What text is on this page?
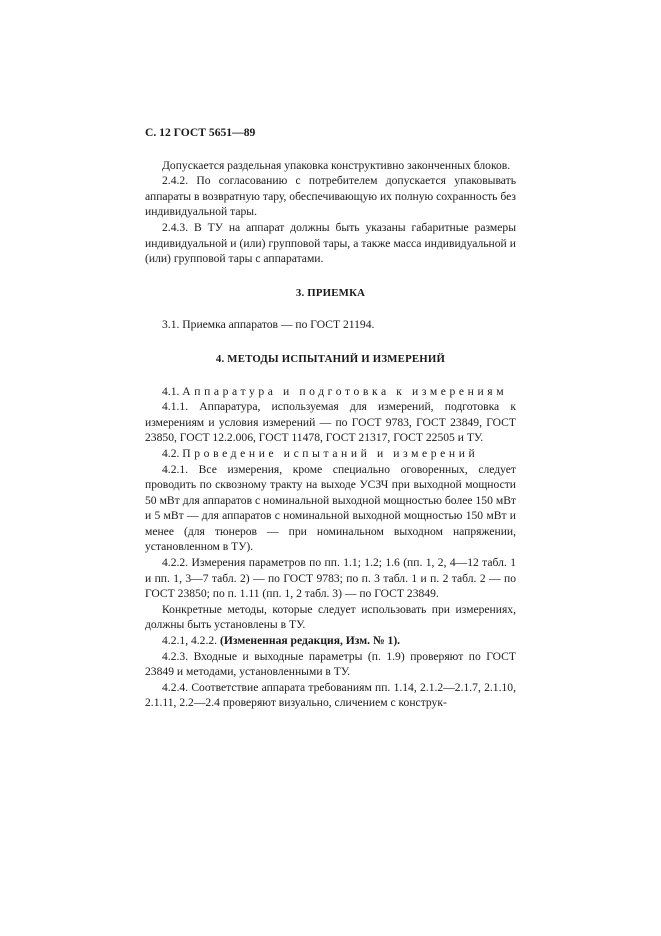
С. 12 ГОСТ 5651—89

Допускается раздельная упаковка конструктивно законченных блоков.

2.4.2. По согласованию с потребителем допускается упаковывать аппараты в возвратную тару, обеспечивающую их полную сохранность без индивидуальной тары.

2.4.3. В ТУ на аппарат должны быть указаны габаритные размеры индивидуальной и (или) групповой тары, а также масса индивидуальной и (или) групповой тары с аппаратами.

3. ПРИЕМКА

3.1. Приемка аппаратов — по ГОСТ 21194.

4. МЕТОДЫ ИСПЫТАНИЙ И ИЗМЕРЕНИЙ

4.1. Аппаратура и подготовка к измерениям

4.1.1. Аппаратура, используемая для измерений, подготовка к измерениям и условия измерений — по ГОСТ 9783, ГОСТ 23849, ГОСТ 23850, ГОСТ 12.2.006, ГОСТ 11478, ГОСТ 21317, ГОСТ 22505 и ТУ.

4.2. Проведение испытаний и измерений

4.2.1. Все измерения, кроме специально оговоренных, следует проводить по сквозному тракту на выходе УСЗЧ при выходной мощности 50 мВт для аппаратов с номинальной выходной мощностью более 150 мВт и 5 мВт — для аппаратов с номинальной выходной мощностью 150 мВт и менее (для тюнеров — при номинальном выходном напряжении, установленном в ТУ).

4.2.2. Измерения параметров по пп. 1.1; 1.2; 1.6 (пп. 1, 2, 4—12 табл. 1 и пп. 1, 3—7 табл. 2) — по ГОСТ 9783; по п. 3 табл. 1 и п. 2 табл. 2 — по ГОСТ 23850; по п. 1.11 (пп. 1, 2 табл. 3) — по ГОСТ 23849.

Конкретные методы, которые следует использовать при измерениях, должны быть установлены в ТУ.

4.2.1, 4.2.2. (Измененная редакция, Изм. № 1).

4.2.3. Входные и выходные параметры (п. 1.9) проверяют по ГОСТ 23849 и методами, установленными в ТУ.

4.2.4. Соответствие аппарата требованиям пп. 1.14, 2.1.2—2.1.7, 2.1.10, 2.1.11, 2.2—2.4 проверяют визуально, сличением с конструк-
